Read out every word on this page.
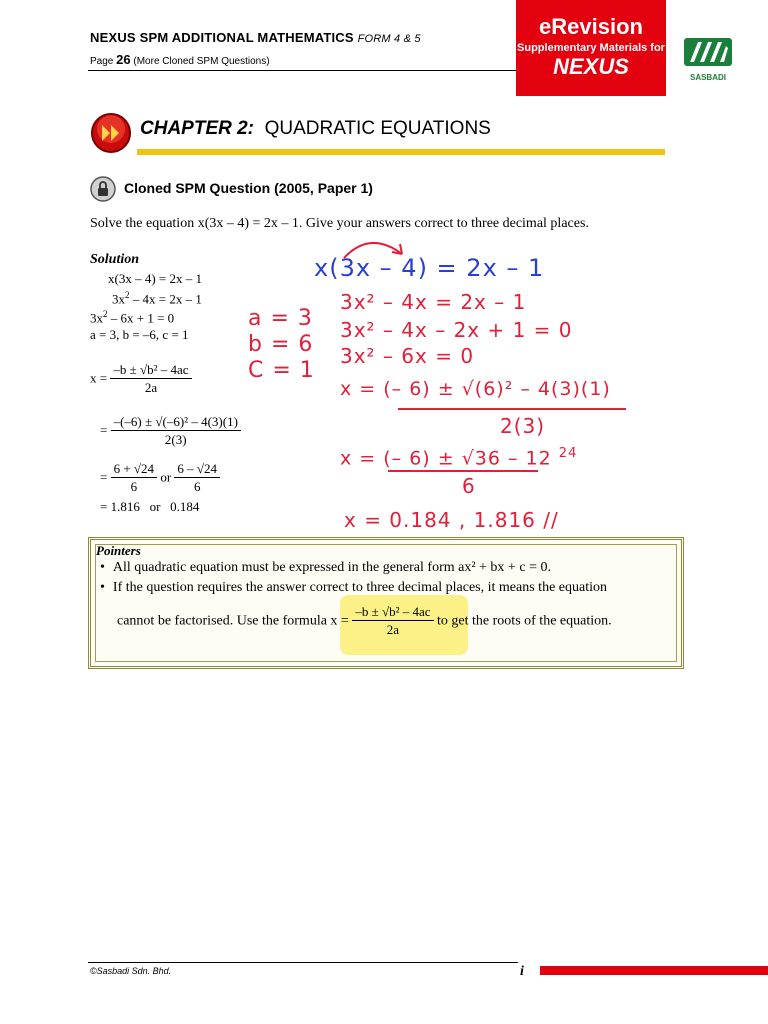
NEXUS SPM ADDITIONAL MATHEMATICS FORM 4 & 5
Page 26 (More Cloned SPM Questions)
eRevision
Supplementary Materials for
NEXUS	SASBADI
CHAPTER 2: QUADRATIC EQUATIONS
Cloned SPM Question (2005, Paper 1)
Solve the equation x(3x – 4) = 2x – 1. Give your answers correct to three decimal places.
Solution
x(3x – 4) = 2x – 1
$3x^2 - 4x = 2x - 1$
$3x^2 - 6x + 1 = 0$
a = 3, b = –6, c = 1
$x = \frac{\text{–b ± √b² – 4ac}}{2a}$
= $\frac{\text{–(–6) ± √(–6)² – 4(3)(1)}}{2(3)}$
= $\frac{6 + √24}{6}$ or $\frac{6 - √24}{6}$
= 1.816   or   0.184
x(3x – 4) = 2x – 1
3x² – 4x = 2x – 1
3x² – 4x – 2x + 1 = 0
3x² – 6x = 0
a = 3
b = 6
C = 1
x = (– 6) ± √(6)² – 4(3)(1)
2(3)
x = (– 6) ± √36 – 12 $^{24}$
6
x = 0.184 , 1.816 //
Pointers
• All quadratic equation must be expressed in the general form ax² + bx + c = 0.
• If the question requires the answer correct to three decimal places, it means the equation
cannot be factorised. Use the formula $x = \frac{\text{–b ± √b² – 4ac}}{2a}$ to get the roots of the equation.
©Sasbadi Sdn. Bhd.	i
